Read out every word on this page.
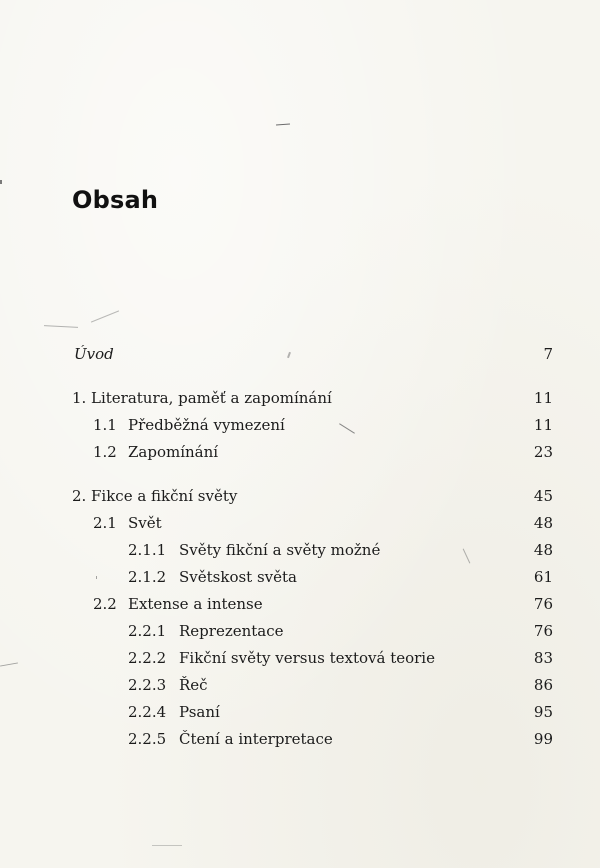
Obsah
Úvod	7
1. Literatura, paměť a zapomínání	11
1.1 Předběžná vymezení	11
1.2 Zapomínání	23
2. Fikce a fikční světy	45
2.1 Svět	48
2.1.1 Světy fikční a světy možné	48
2.1.2 Světskost světa	61
2.2 Extense a intense	76
2.2.1 Reprezentace	76
2.2.2 Fikční světy versus textová teorie	83
2.2.3 Řeč	86
2.2.4 Psaní	95
2.2.5 Čtení a interpretace	99
